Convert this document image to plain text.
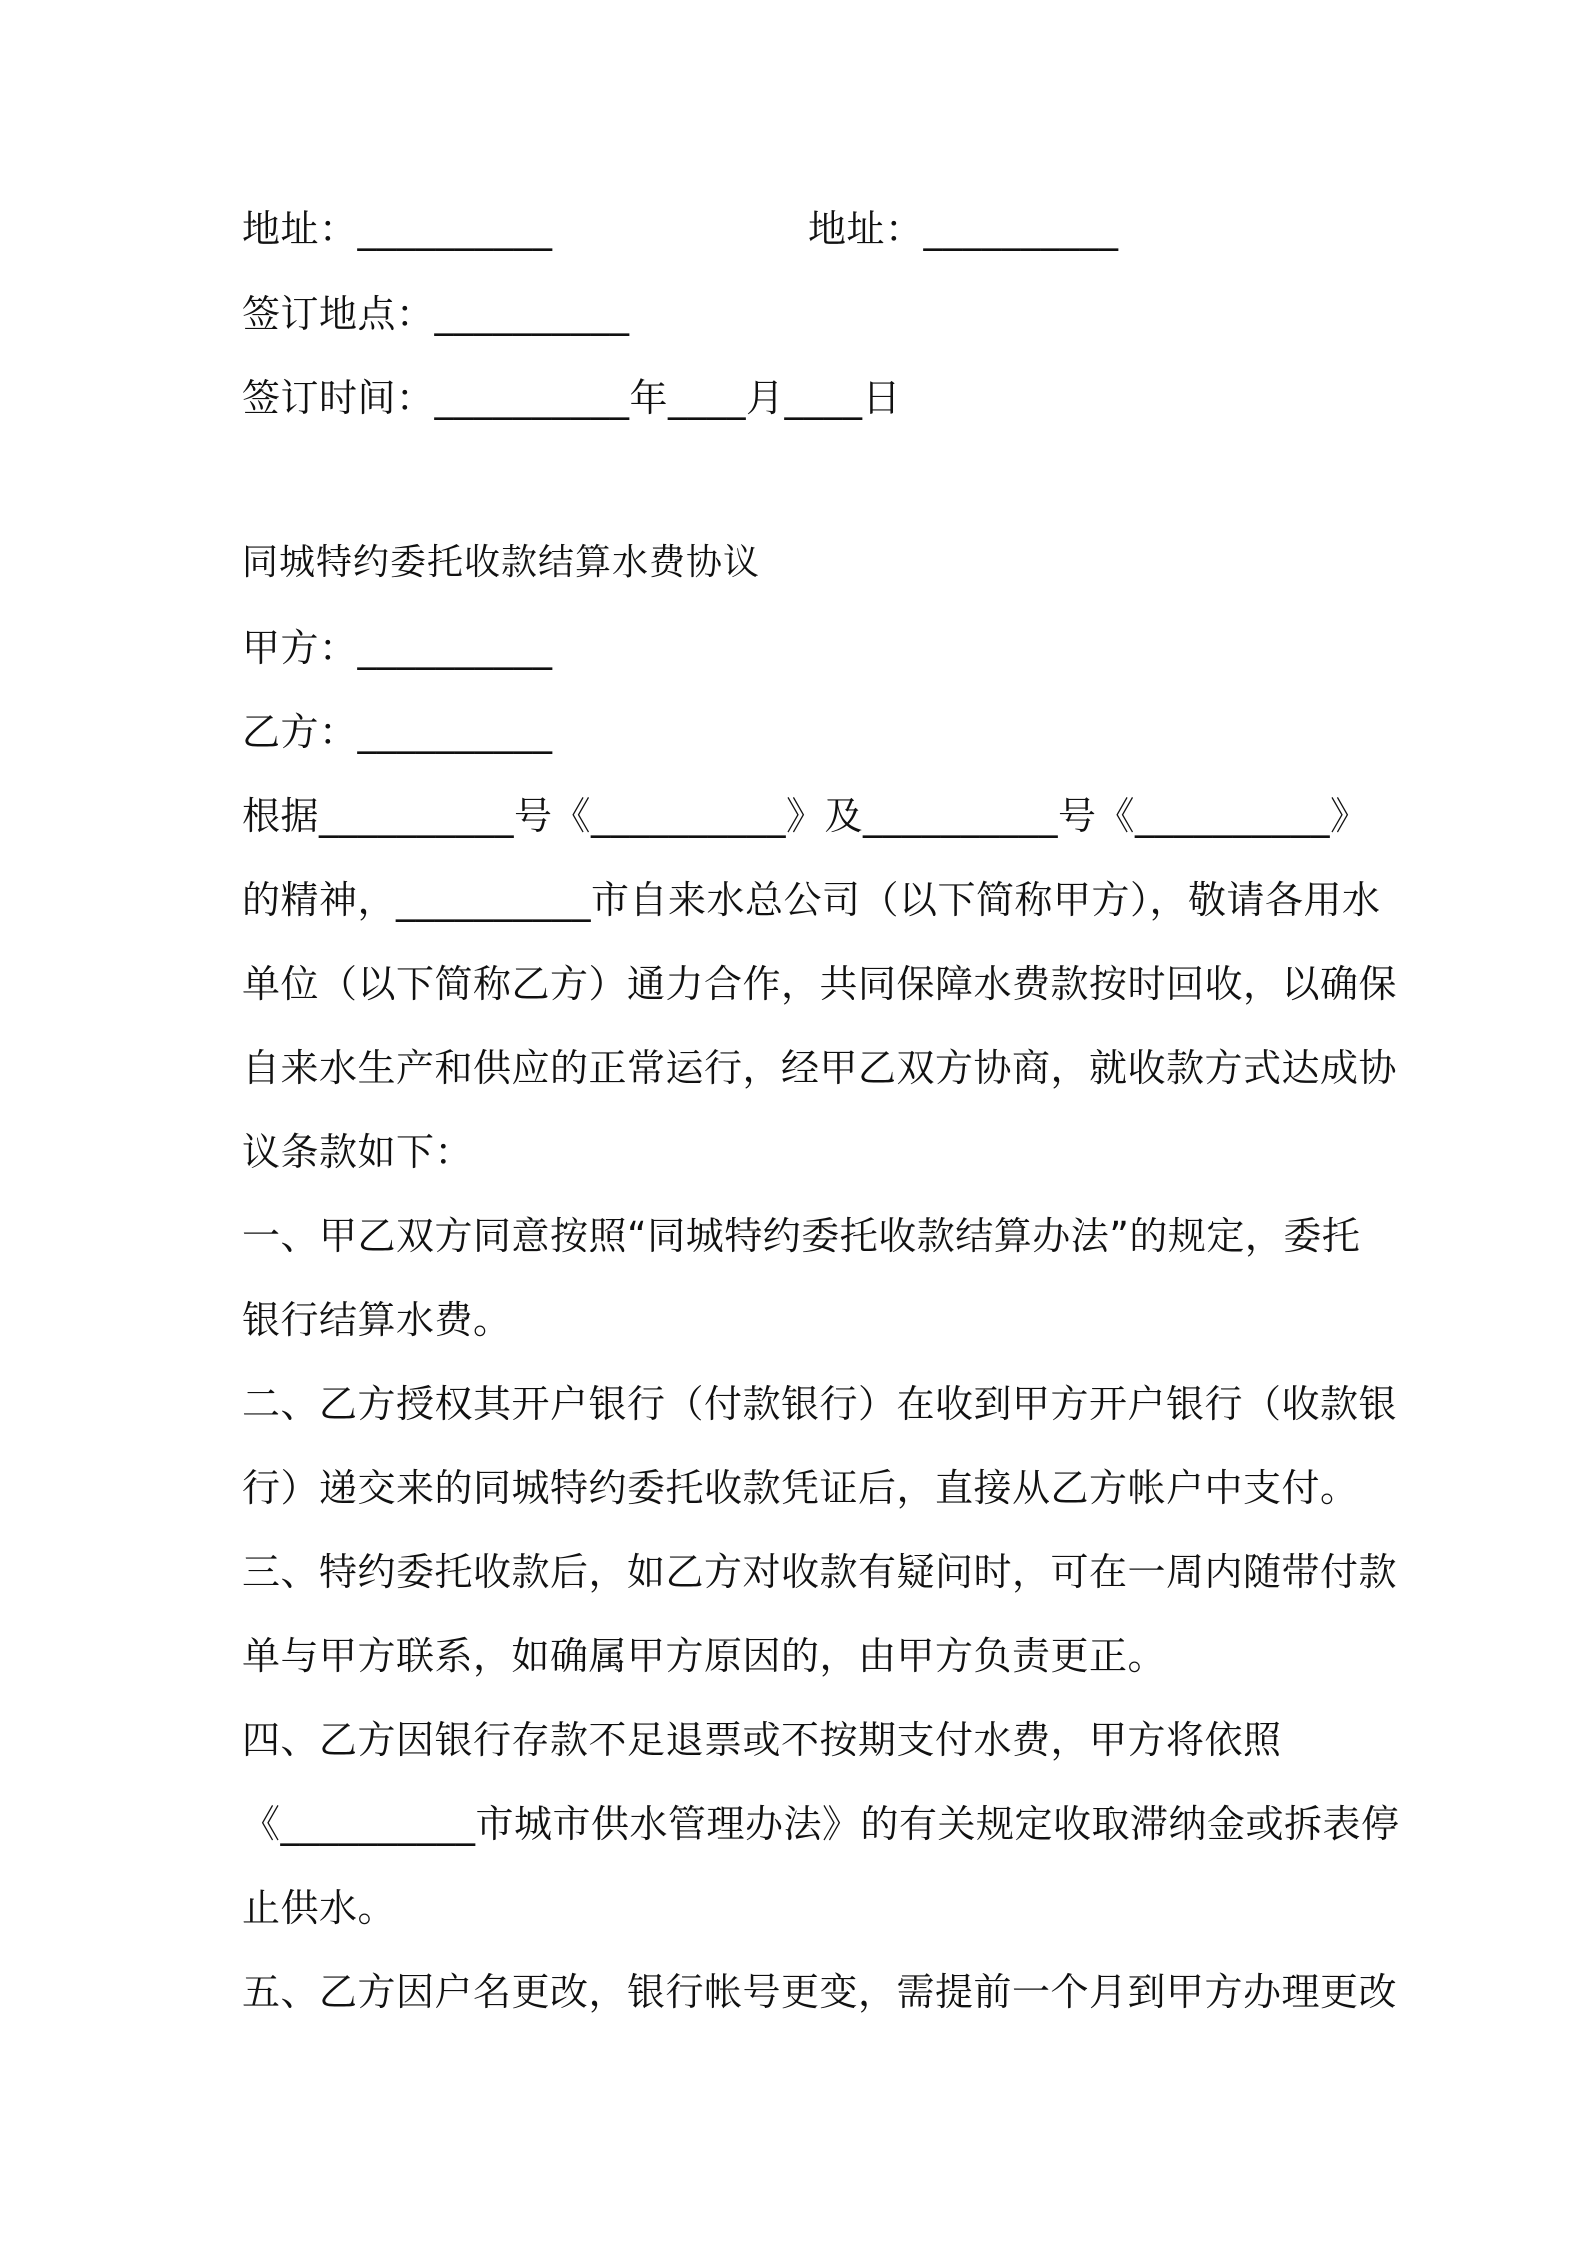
地址：__________	地址：__________
签订地点：__________
签订时间：__________年____月____日
同城特约委托收款结算水费协议
甲方：__________
乙方：__________
根据__________号《__________》及__________号《__________》
的精神，__________市自来水总公司（以下简称甲方），敬请各用水
单位（以下简称乙方）通力合作，共同保障水费款按时回收，以确保
自来水生产和供应的正常运行，经甲乙双方协商，就收款方式达成协
议条款如下：
一、甲乙双方同意按照“同城特约委托收款结算办法”的规定，委托
银行结算水费。
二、乙方授权其开户银行（付款银行）在收到甲方开户银行（收款银
行）递交来的同城特约委托收款凭证后，直接从乙方帐户中支付。
三、特约委托收款后，如乙方对收款有疑问时，可在一周内随带付款
单与甲方联系，如确属甲方原因的，由甲方负责更正。
四、乙方因银行存款不足退票或不按期支付水费，甲方将依照
《__________市城市供水管理办法》的有关规定收取滞纳金或拆表停
止供水。
五、乙方因户名更改，银行帐号更变，需提前一个月到甲方办理更改
